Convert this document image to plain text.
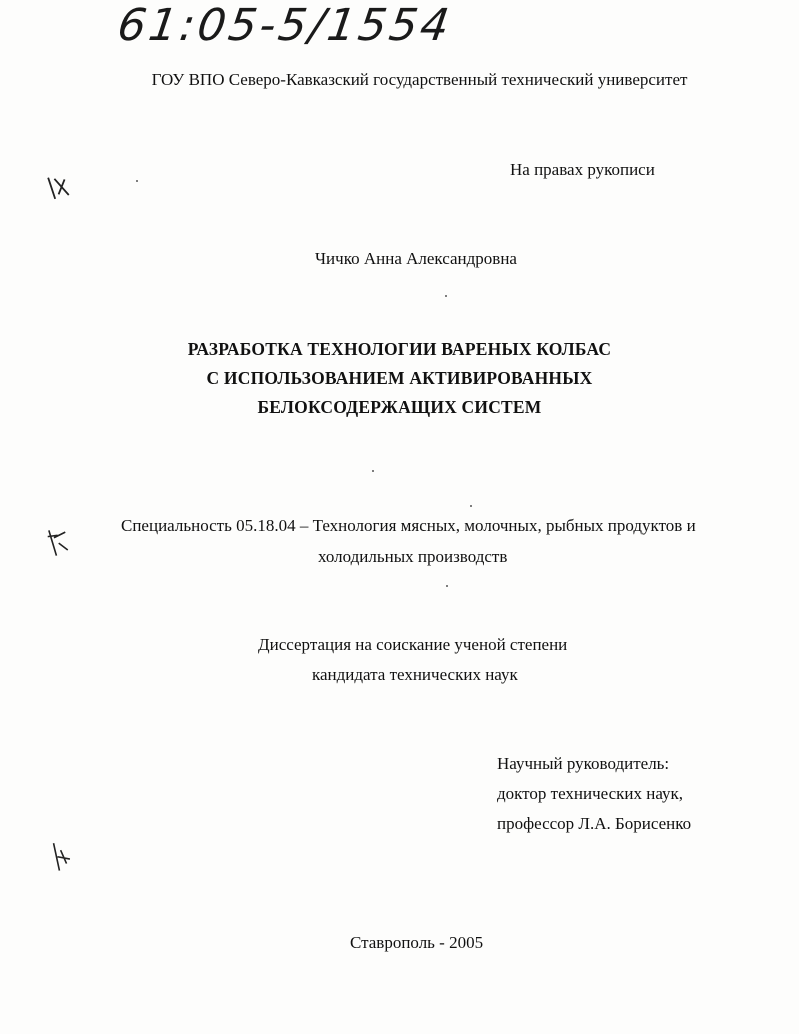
61:05-5/1554
ГОУ ВПО Северо-Кавказский государственный технический университет
На правах рукописи
Чичко Анна Александровна
РАЗРАБОТКА ТЕХНОЛОГИИ ВАРЕНЫХ КОЛБАС
С ИСПОЛЬЗОВАНИЕМ АКТИВИРОВАННЫХ
БЕЛОКСОДЕРЖАЩИХ СИСТЕМ
Специальность 05.18.04 – Технология мясных, молочных, рыбных продуктов и
холодильных производств
Диссертация на соискание ученой степени
кандидата технических наук
Научный руководитель:
доктор технических наук,
профессор Л.А. Борисенко
Ставрополь - 2005
